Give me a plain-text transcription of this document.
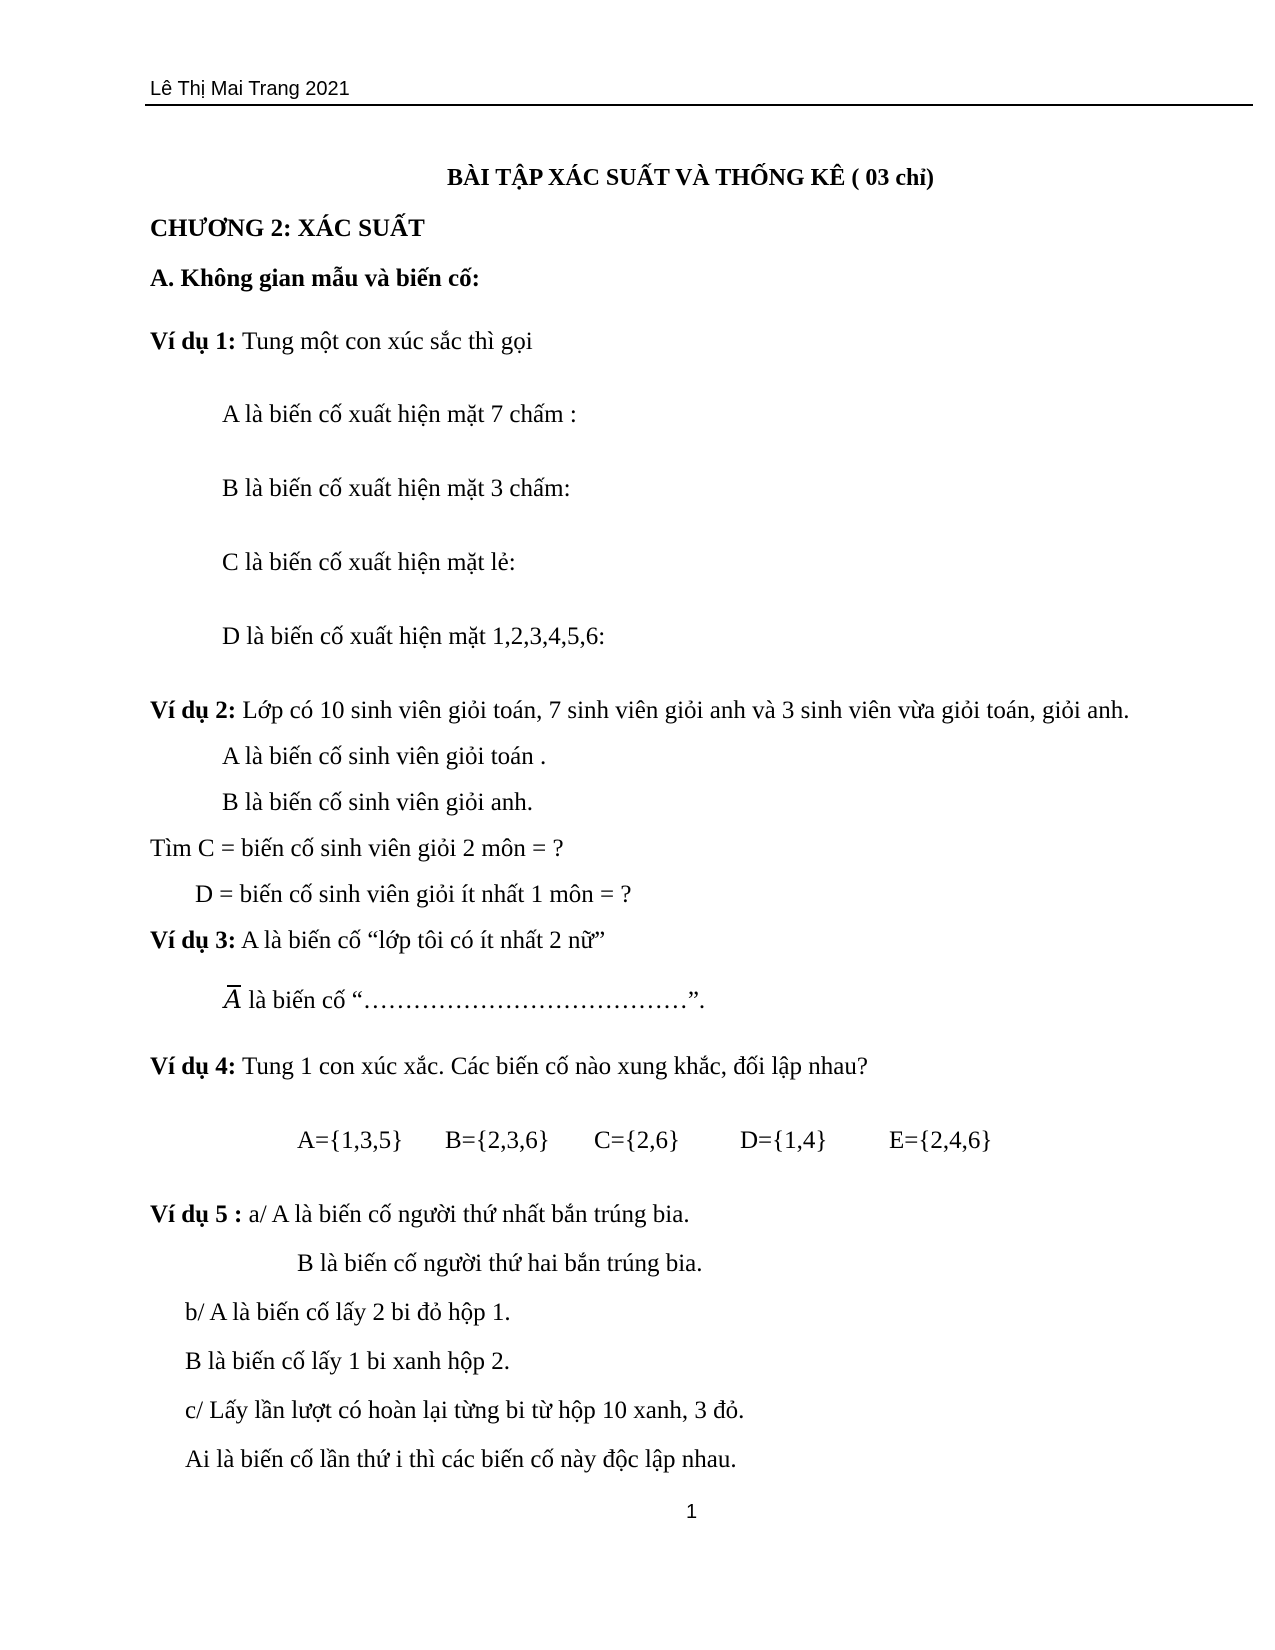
Lê Thị Mai Trang 2021
BÀI TẬP XÁC SUẤT VÀ THỐNG KÊ ( 03 chỉ)
CHƯƠNG 2: XÁC SUẤT
A. Không gian mẫu và biến cố:
Ví dụ 1: Tung một con xúc sắc thì gọi
A là biến cố xuất hiện mặt 7 chấm :
B là biến cố xuất hiện mặt 3 chấm:
C là biến cố xuất hiện mặt lẻ:
D là biến cố xuất hiện mặt 1,2,3,4,5,6:
Ví dụ 2: Lớp có 10 sinh viên giỏi toán, 7 sinh viên giỏi anh và 3 sinh viên vừa giỏi toán, giỏi anh.
A là biến cố sinh viên giỏi toán .
B là biến cố sinh viên giỏi anh.
Tìm C = biến cố sinh viên giỏi 2 môn = ?
D = biến cố sinh viên giỏi ít nhất 1 môn = ?
Ví dụ 3: A là biến cố “lớp tôi có ít nhất 2 nữ”
A là biến cố “…………………………………”.
Ví dụ 4: Tung 1 con xúc xắc. Các biến cố nào xung khắc, đối lập nhau?
A={1,3,5} B={2,3,6} C={2,6} D={1,4} E={2,4,6}
Ví dụ 5 : a/ A là biến cố người thứ nhất bắn trúng bia.
B là biến cố người thứ hai bắn trúng bia.
b/ A là biến cố lấy 2 bi đỏ hộp 1.
B là biến cố lấy 1 bi xanh hộp 2.
c/ Lấy lần lượt có hoàn lại từng bi từ hộp 10 xanh, 3 đỏ.
Ai là biến cố lần thứ i thì các biến cố này độc lập nhau.
1
